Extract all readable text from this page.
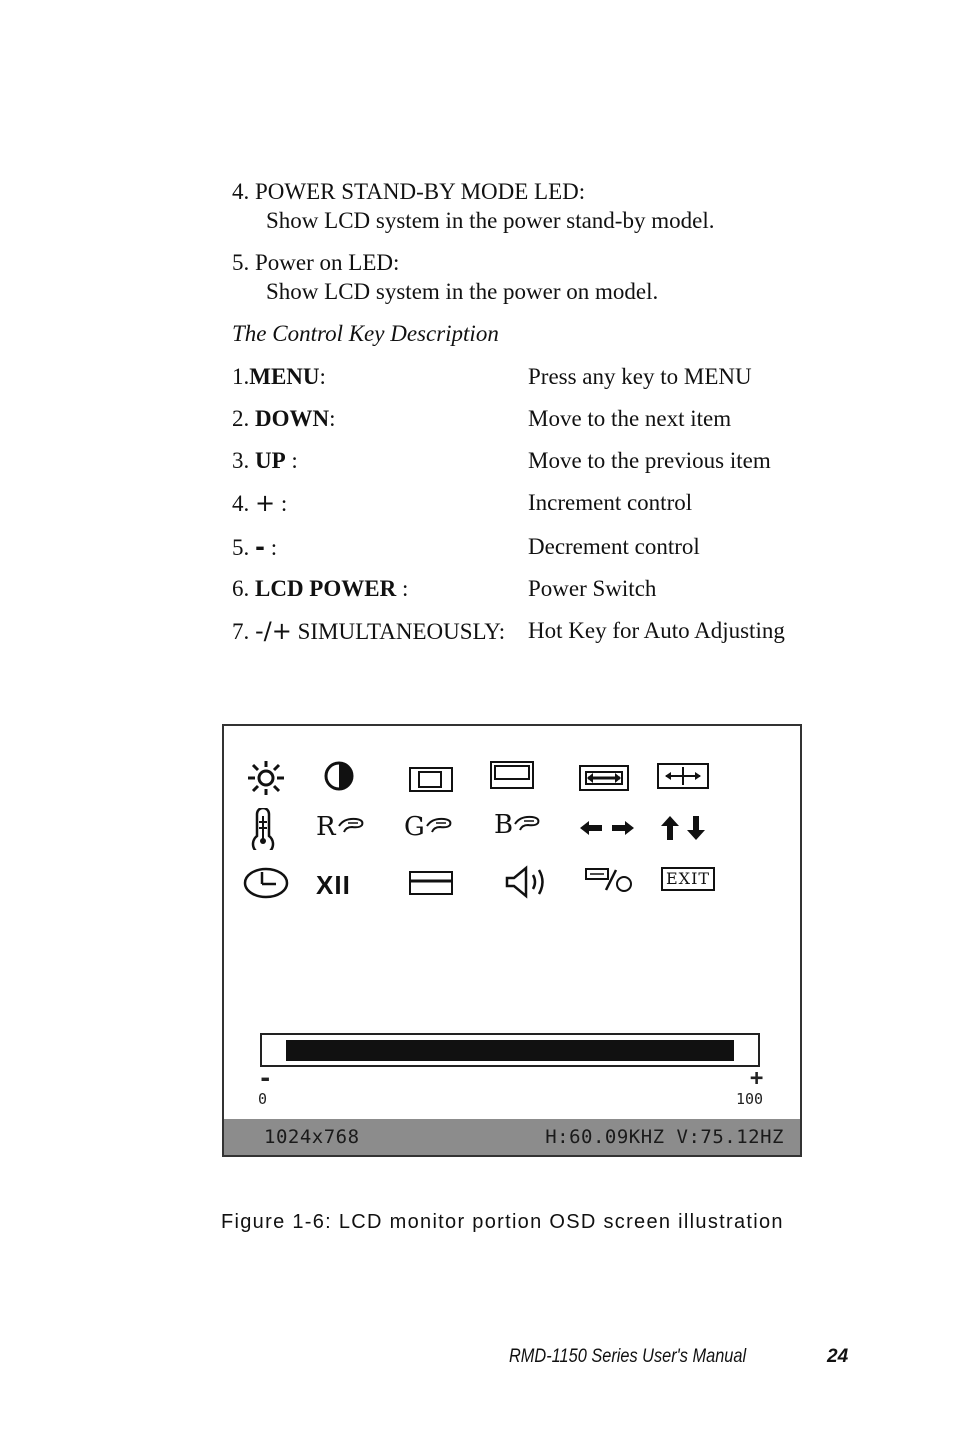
4. POWER STAND-BY MODE LED:
Show LCD system in the power stand-by model.
5. Power on LED:
Show LCD system in the power on model.
The Control Key Description
1.MENU:	Press any key to MENU
2. DOWN:	Move to the next item
3. UP :	Move to the previous item
4. + :	Increment control
5. - :	Decrement control
6. LCD POWER :	Power Switch
7. -/+ SIMULTANEOUSLY: Hot Key for Auto Adjusting
R	G	B
XII	EXIT
-	+
0	100
1024x768	H:60.09KHZ V:75.12HZ
Figure 1-6: LCD monitor portion OSD screen illustration
RMD-1150 Series User's Manual	24
